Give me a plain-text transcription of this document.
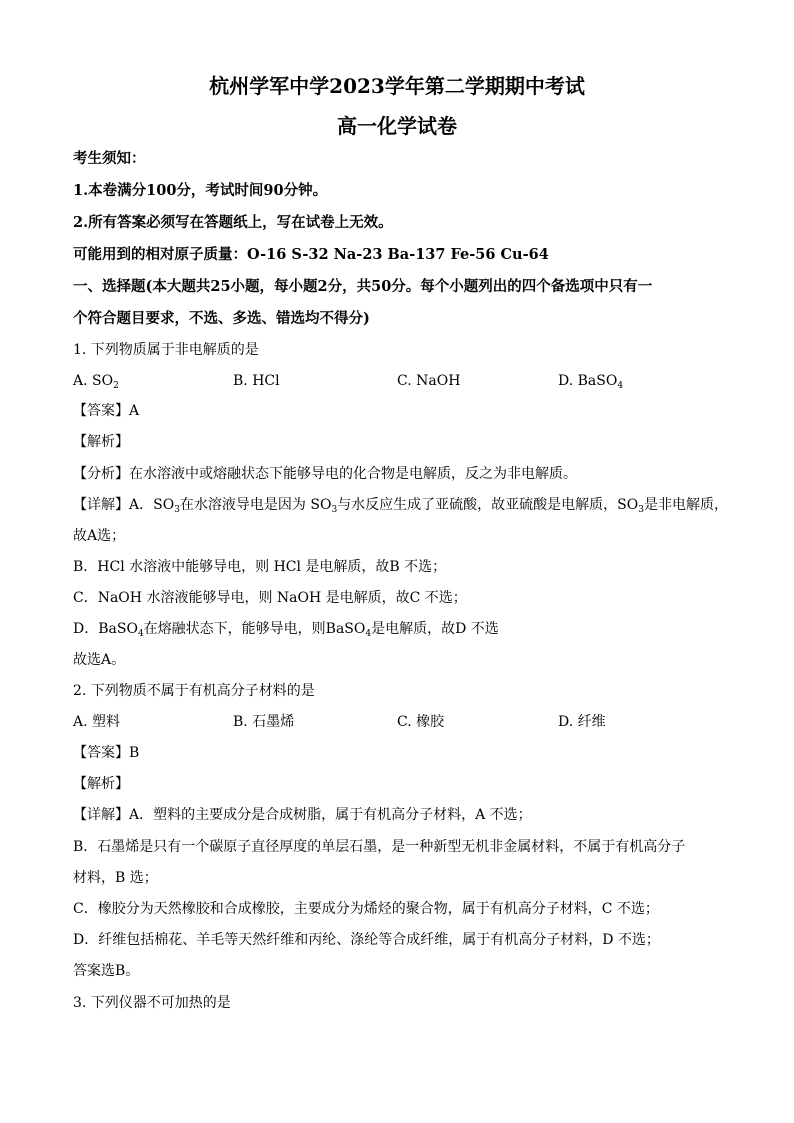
杭州学军中学2023学年第二学期期中考试
高一化学试卷
考生须知：
1.本卷满分100分，考试时间90分钟。
2.所有答案必须写在答题纸上，写在试卷上无效。
可能用到的相对原子质量：O-16 S-32 Na-23 Ba-137 Fe-56 Cu-64
一、选择题(本大题共25小题，每小题2分，共50分。每个小题列出的四个备选项中只有一
个符合题目要求，不选、多选、错选均不得分)
1. 下列物质属于非电解质的是
A. $SO_2$	B. HCl	C. NaOH	D. BaSO$_4$
【答案】A
【解析】
【分析】在水溶液中或熔融状态下能够导电的化合物是电解质，反之为非电解质。
【详解】A．$SO_3$在水溶液导电是因为 $SO_3$与水反应生成了亚硫酸，故亚硫酸是电解质，$SO_3$是非电解质，
故A选；
B．HCl 水溶液中能够导电，则 HCl 是电解质，故B 不选；
C．NaOH 水溶液能够导电，则 NaOH 是电解质，故C 不选；
D．BaSO$_4$在熔融状态下，能够导电，则BaSO$_4$是电解质，故D 不选
故选A。
2. 下列物质不属于有机高分子材料的是
A. 塑料	B. 石墨烯	C. 橡胶	D. 纤维
【答案】B
【解析】
【详解】A．塑料的主要成分是合成树脂，属于有机高分子材料，A 不选；
B．石墨烯是只有一个碳原子直径厚度的单层石墨，是一种新型无机非金属材料，不属于有机高分子
材料，B 选；
C．橡胶分为天然橡胶和合成橡胶，主要成分为烯烃的聚合物，属于有机高分子材料，C 不选；
D．纤维包括棉花、羊毛等天然纤维和丙纶、涤纶等合成纤维，属于有机高分子材料，D 不选；
答案选B。
3. 下列仪器不可加热的是
